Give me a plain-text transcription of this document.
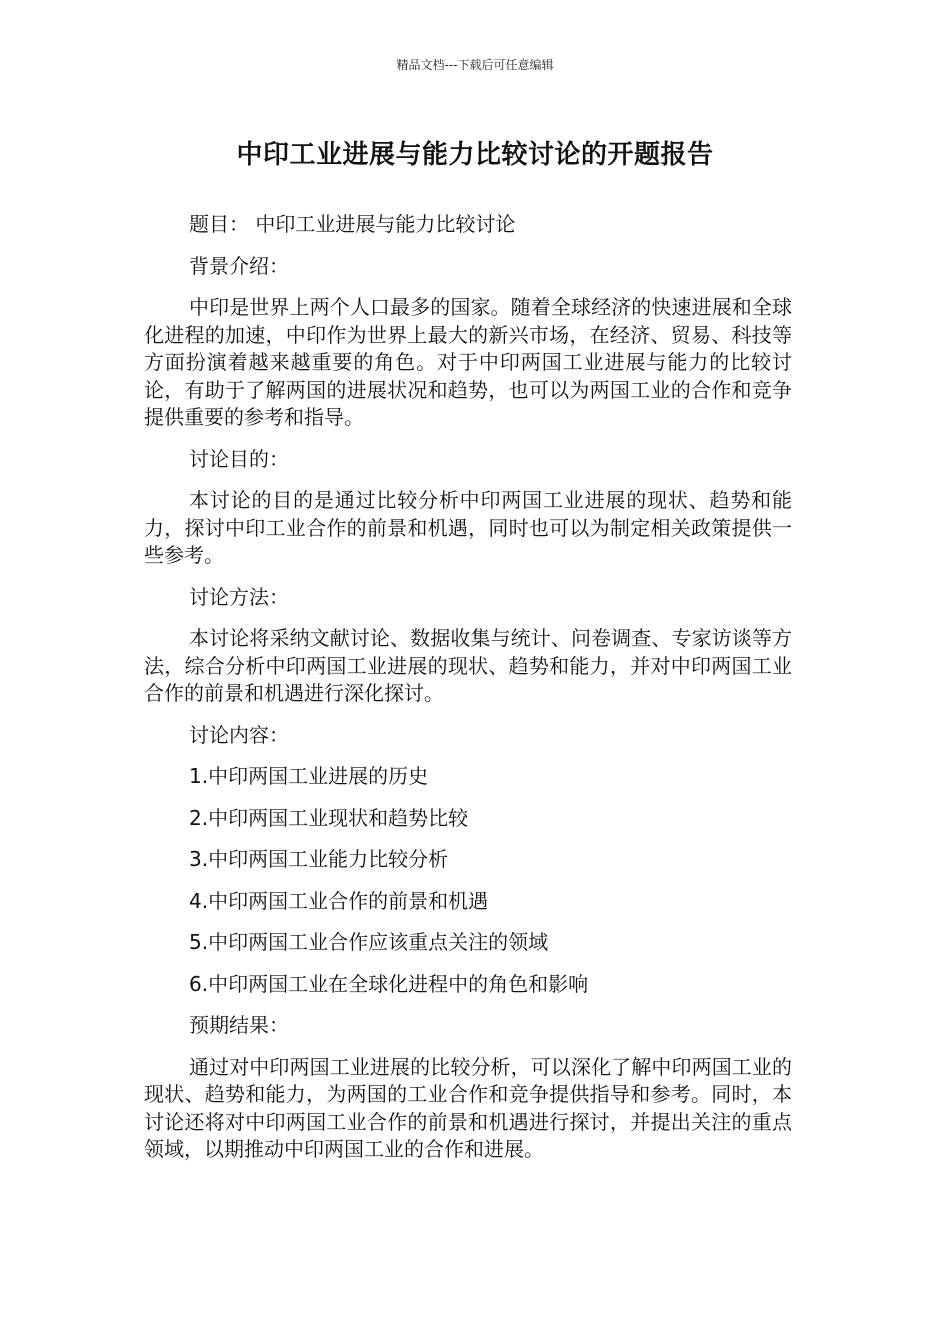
精品文档---下载后可任意编辑
中印工业进展与能力比较讨论的开题报告

题目： 中印工业进展与能力比较讨论

背景介绍：

中印是世界上两个人口最多的国家。随着全球经济的快速进展和全球化进程的加速，中印作为世界上最大的新兴市场，在经济、贸易、科技等方面扮演着越来越重要的角色。对于中印两国工业进展与能力的比较讨论，有助于了解两国的进展状况和趋势，也可以为两国工业的合作和竞争提供重要的参考和指导。

讨论目的：

本讨论的目的是通过比较分析中印两国工业进展的现状、趋势和能力，探讨中印工业合作的前景和机遇，同时也可以为制定相关政策提供一些参考。

讨论方法：

本讨论将采纳文献讨论、数据收集与统计、问卷调查、专家访谈等方法，综合分析中印两国工业进展的现状、趋势和能力，并对中印两国工业合作的前景和机遇进行深化探讨。

讨论内容：

1.中印两国工业进展的历史
2.中印两国工业现状和趋势比较
3.中印两国工业能力比较分析
4.中印两国工业合作的前景和机遇
5.中印两国工业合作应该重点关注的领域
6.中印两国工业在全球化进程中的角色和影响

预期结果：

通过对中印两国工业进展的比较分析，可以深化了解中印两国工业的现状、趋势和能力，为两国的工业合作和竞争提供指导和参考。同时，本讨论还将对中印两国工业合作的前景和机遇进行探讨，并提出关注的重点领域，以期推动中印两国工业的合作和进展。
